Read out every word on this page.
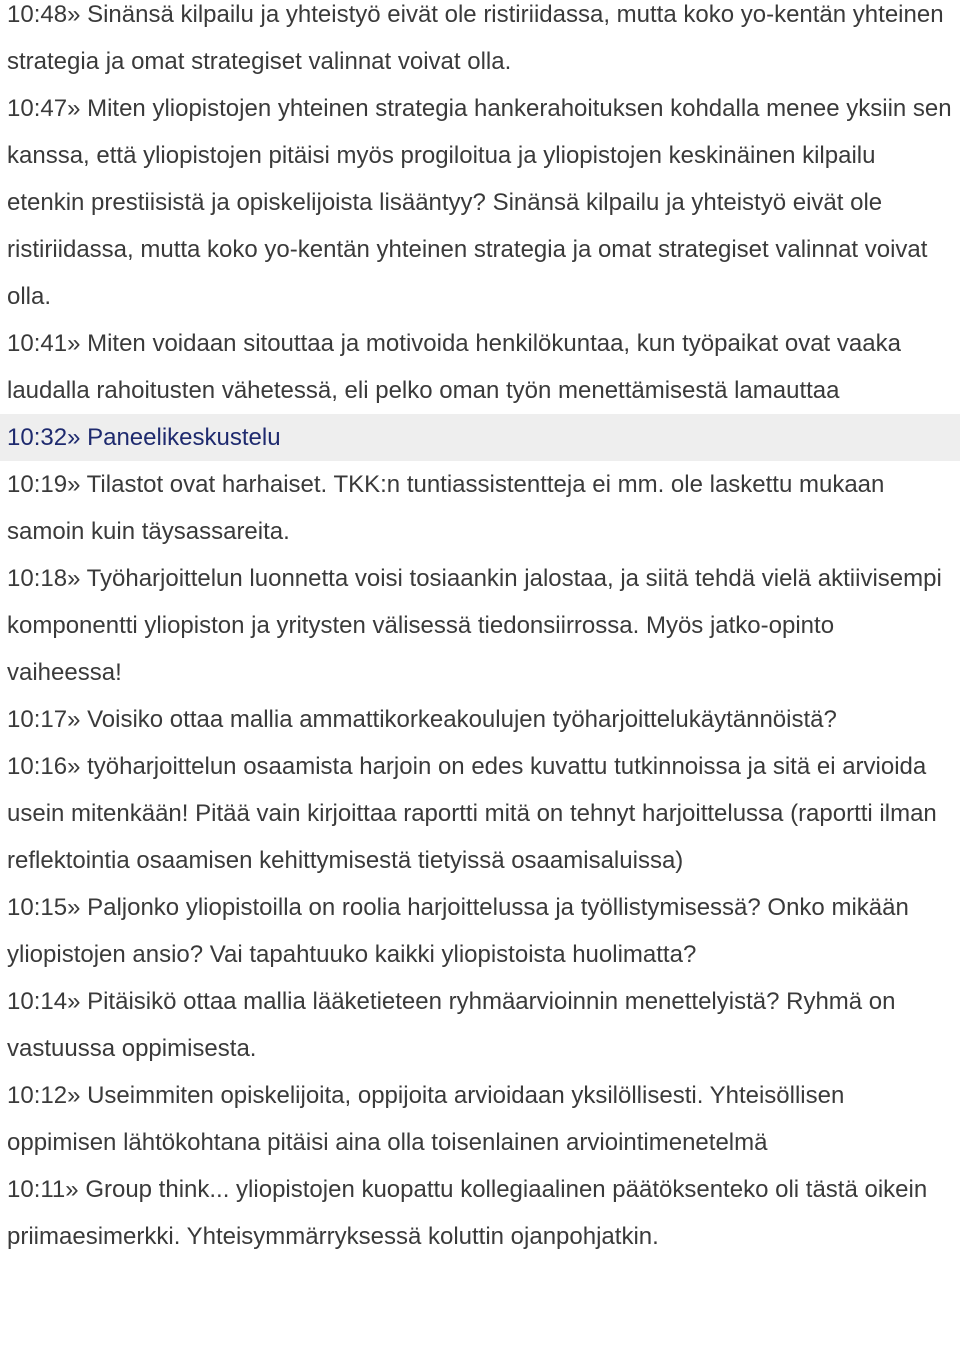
10:48» Sinänsä kilpailu ja yhteistyö eivät ole ristiriidassa, mutta koko yo-kentän yhteinen strategia ja omat strategiset valinnat voivat olla.

10:47» Miten yliopistojen yhteinen strategia hankerahoituksen kohdalla menee yksiin sen kanssa, että yliopistojen pitäisi myös progiloitua ja yliopistojen keskinäinen kilpailu etenkin prestiisistä ja opiskelijoista lisääntyy? Sinänsä kilpailu ja yhteistyö eivät ole ristiriidassa, mutta koko yo-kentän yhteinen strategia ja omat strategiset valinnat voivat olla.

10:41» Miten voidaan sitouttaa ja motivoida henkilökuntaa, kun työpaikat ovat vaaka laudalla rahoitusten vähetessä, eli pelko oman työn menettämisestä lamauttaa

10:32» Paneelikeskustelu

10:19» Tilastot ovat harhaiset. TKK:n tuntiassistentteja ei mm. ole laskettu mukaan samoin kuin täysassareita.

10:18» Työharjoittelun luonnetta voisi tosiaankin jalostaa, ja siitä tehdä vielä aktiivisempi komponentti yliopiston ja yritysten välisessä tiedonsiirrossa. Myös jatko-opinto vaiheessa!

10:17» Voisiko ottaa mallia ammattikorkeakoulujen työharjoittelukäytännöistä?

10:16» työharjoittelun osaamista harjoin on edes kuvattu tutkinnoissa ja sitä ei arvioida usein mitenkään! Pitää vain kirjoittaa raportti mitä on tehnyt harjoittelussa (raportti ilman reflektointia osaamisen kehittymisestä tietyissä osaamisaluissa)

10:15» Paljonko yliopistoilla on roolia harjoittelussa ja työllistymisessä? Onko mikään yliopistojen ansio? Vai tapahtuuko kaikki yliopistoista huolimatta?

10:14» Pitäisikö ottaa mallia lääketieteen ryhmäarvioinnin menettelyistä? Ryhmä on vastuussa oppimisesta.

10:12» Useimmiten opiskelijoita, oppijoita arvioidaan yksilöllisesti. Yhteisöllisen oppimisen lähtökohtana pitäisi aina olla toisenlainen arviointimenetelmä

10:11» Group think... yliopistojen kuopattu kollegiaalinen päätöksenteko oli tästä oikein priimaesimerkki. Yhteisymmärryksessä koluttin ojanpohjatkin.
